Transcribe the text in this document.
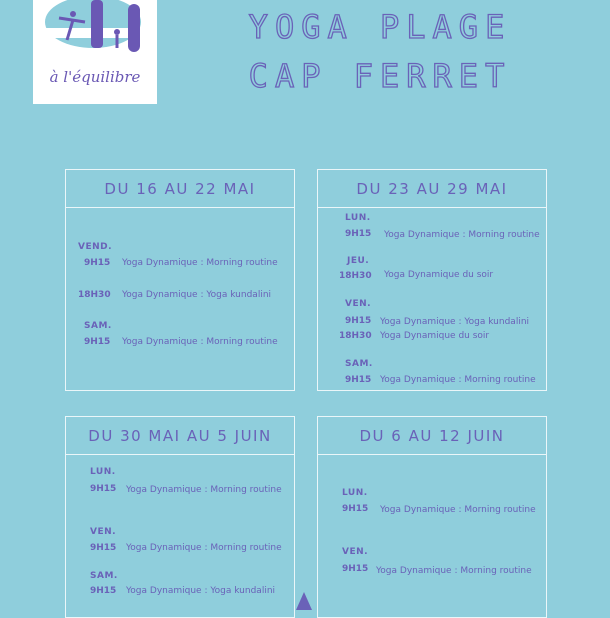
à l'équilibre
YOGA PLAGE
CAP FERRET
DU 16 AU 22 MAI
VEND.
9H15 Yoga Dynamique : Morning routine
18H30 Yoga Dynamique : Yoga kundalini
SAM.
9H15 Yoga Dynamique : Morning routine
DU 23 AU 29 MAI
LUN.
9H15 Yoga Dynamique : Morning routine
JEU.
18H30 Yoga Dynamique du soir
VEN.
9H15 Yoga Dynamique : Yoga kundalini
18H30 Yoga Dynamique du soir
SAM.
9H15 Yoga Dynamique : Morning routine
DU 30 MAI AU 5 JUIN
LUN.
9H15 Yoga Dynamique : Morning routine
VEN.
9H15 Yoga Dynamique : Morning routine
SAM.
9H15 Yoga Dynamique : Yoga kundalini
DU 6 AU 12 JUIN
LUN.
9H15 Yoga Dynamique : Morning routine
VEN.
9H15 Yoga Dynamique : Morning routine
